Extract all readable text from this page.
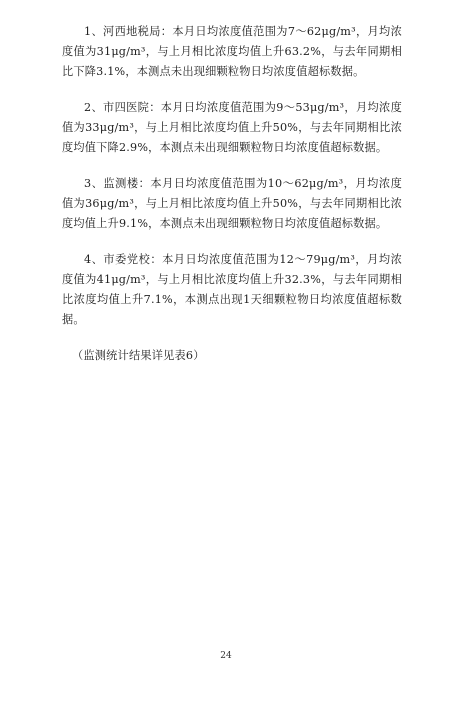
1、河西地税局：本月日均浓度值范围为7～62μg/m³，月均浓度值为31μg/m³，与上月相比浓度均值上升63.2%，与去年同期相比下降3.1%，本测点未出现细颗粒物日均浓度值超标数据。

2、市四医院：本月日均浓度值范围为9～53μg/m³，月均浓度值为33μg/m³，与上月相比浓度均值上升50%，与去年同期相比浓度均值下降2.9%，本测点未出现细颗粒物日均浓度值超标数据。

3、监测楼：本月日均浓度值范围为10～62μg/m³，月均浓度值为36μg/m³，与上月相比浓度均值上升50%，与去年同期相比浓度均值上升9.1%，本测点未出现细颗粒物日均浓度值超标数据。

4、市委党校：本月日均浓度值范围为12～79μg/m³，月均浓度值为41μg/m³，与上月相比浓度均值上升32.3%，与去年同期相比浓度均值上升7.1%，本测点出现1天细颗粒物日均浓度值超标数据。

（监测统计结果详见表6）

24
